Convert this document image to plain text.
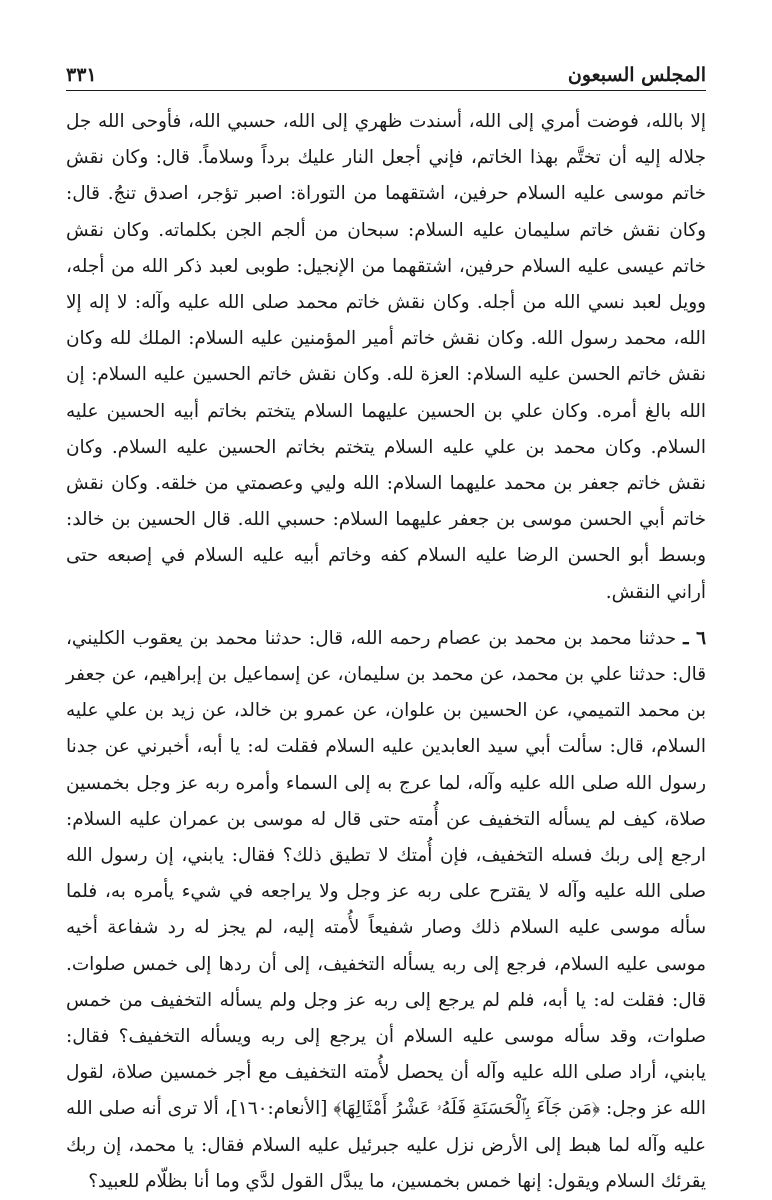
المجلس السبعون
٣٣١

إلا بالله، فوضت أمري إلى الله، أسندت ظهري إلى الله، حسبي الله، فأوحى الله جل جلاله إليه أن تختَّم بهذا الخاتم، فإني أجعل النار عليك برداً وسلاماً. قال: وكان نقش خاتم موسى عليه السلام حرفين، اشتقهما من التوراة: اصبر تؤجر، اصدق تنجُ. قال: وكان نقش خاتم سليمان عليه السلام: سبحان من ألجم الجن بكلماته. وكان نقش خاتم عيسى عليه السلام حرفين، اشتقهما من الإنجيل: طوبى لعبد ذكر الله من أجله، وويل لعبد نسي الله من أجله. وكان نقش خاتم محمد صلى الله عليه وآله: لا إله إلا الله، محمد رسول الله. وكان نقش خاتم أمير المؤمنين عليه السلام: الملك لله وكان نقش خاتم الحسن عليه السلام: العزة لله. وكان نقش خاتم الحسين عليه السلام: إن الله بالغ أمره. وكان علي بن الحسين عليهما السلام يتختم بخاتم أبيه الحسين عليه السلام. وكان محمد بن علي عليه السلام يتختم بخاتم الحسين عليه السلام. وكان نقش خاتم جعفر بن محمد عليهما السلام: الله وليي وعصمتي من خلقه. وكان نقش خاتم أبي الحسن موسى بن جعفر عليهما السلام: حسبي الله. قال الحسين بن خالد: وبسط أبو الحسن الرضا عليه السلام كفه وخاتم أبيه عليه السلام في إصبعه حتى أراني النقش.

٦ ـ حدثنا محمد بن محمد بن عصام رحمه الله، قال: حدثنا محمد بن يعقوب الكليني، قال: حدثنا علي بن محمد، عن محمد بن سليمان، عن إسماعيل بن إبراهيم، عن جعفر بن محمد التميمي، عن الحسين بن علوان، عن عمرو بن خالد، عن زيد بن علي عليه السلام، قال: سألت أبي سيد العابدين عليه السلام فقلت له: يا أبه، أخبرني عن جدنا رسول الله صلى الله عليه وآله، لما عرج به إلى السماء وأمره ربه عز وجل بخمسين صلاة، كيف لم يسأله التخفيف عن أُمته حتى قال له موسى بن عمران عليه السلام: ارجع إلى ربك فسله التخفيف، فإن أُمتك لا تطيق ذلك؟ فقال: يابني، إن رسول الله صلى الله عليه وآله لا يقترح على ربه عز وجل ولا يراجعه في شيء يأمره به، فلما سأله موسى عليه السلام ذلك وصار شفيعاً لأُمته إليه، لم يجز له رد شفاعة أخيه موسى عليه السلام، فرجع إلى ربه يسأله التخفيف، إلى أن ردها إلى خمس صلوات. قال: فقلت له: يا أبه، فلم لم يرجع إلى ربه عز وجل ولم يسأله التخفيف من خمس صلوات، وقد سأله موسى عليه السلام أن يرجع إلى ربه ويسأله التخفيف؟ فقال: يابني، أراد صلى الله عليه وآله أن يحصل لأُمته التخفيف مع أجر خمسين صلاة، لقول الله عز وجل: ﴿مَن جَآءَ بِٱلْحَسَنَةِ فَلَهُۥ عَشْرُ أَمْثَالِهَا﴾ [الأنعام:١٦٠]، ألا ترى أنه صلى الله عليه وآله لما هبط إلى الأرض نزل عليه جبرئيل عليه السلام فقال: يا محمد، إن ربك يقرئك السلام ويقول: إنها خمس بخمسين، ما يبدَّل القول لدَّي وما أنا بظلّام للعبيد؟
